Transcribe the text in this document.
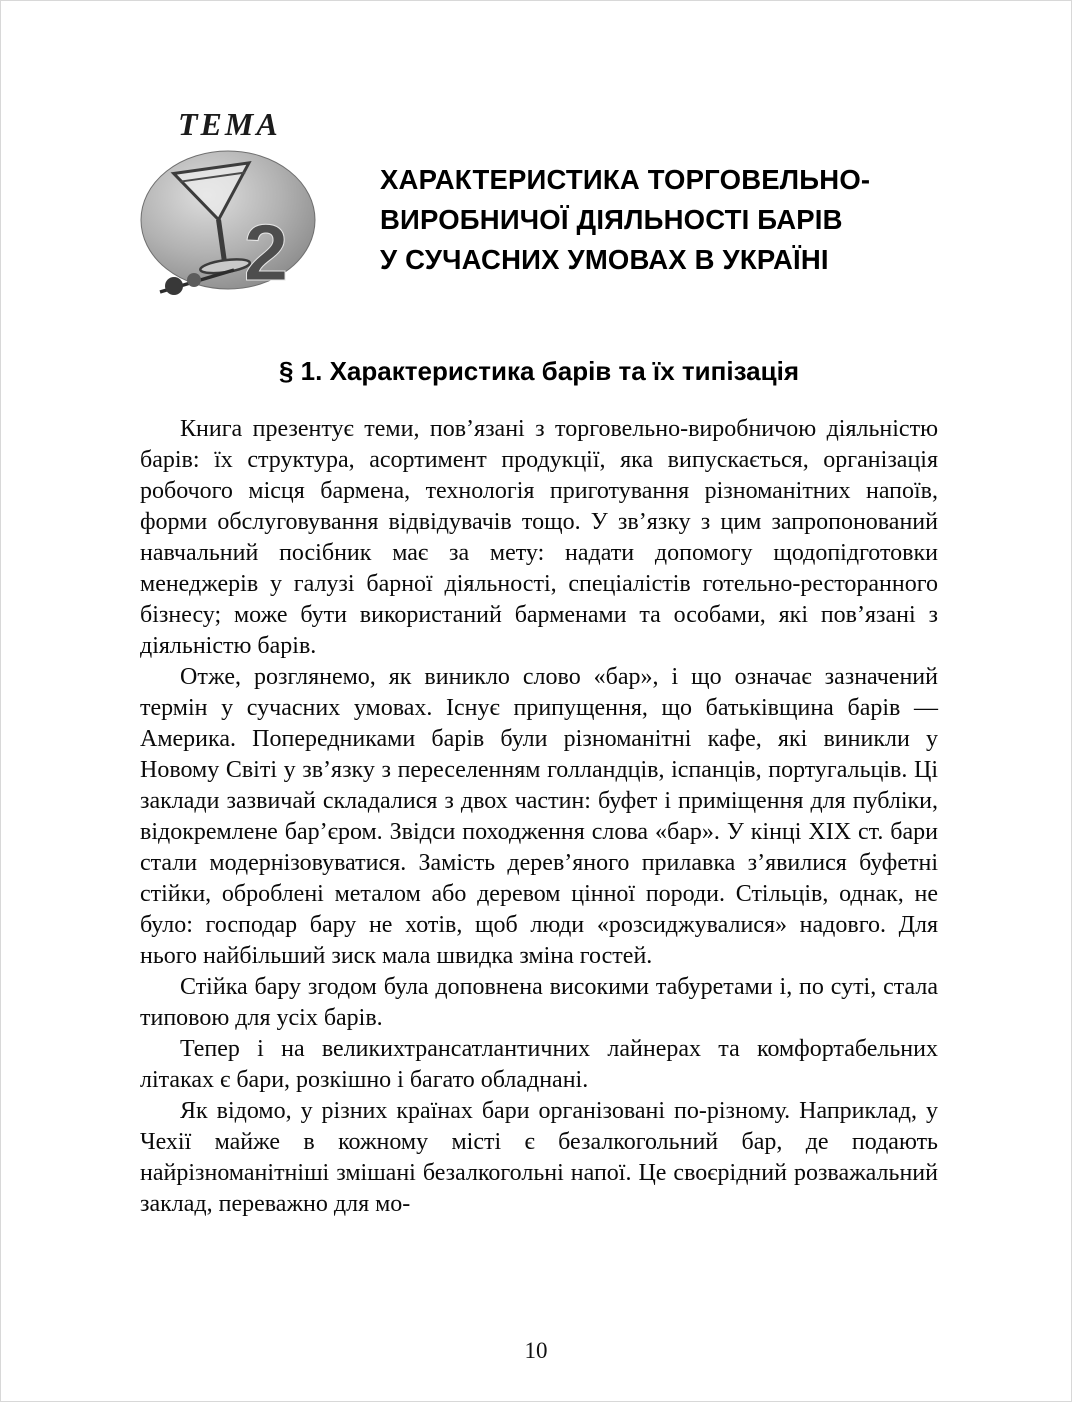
ТЕМА
2
ХАРАКТЕРИСТИКА ТОРГОВЕЛЬНО-
ВИРОБНИЧОЇ ДІЯЛЬНОСТІ БАРІВ
У СУЧАСНИХ УМОВАХ В УКРАЇНІ
§ 1. Характеристика барів та їх типізація

Книга презентує теми, пов’язані з торговельно-виробничою діяльністю барів: їх структура, асортимент продукції, яка випускається, організація робочого місця бармена, технологія приготування різноманітних напоїв, форми обслуговування відвідувачів тощо. У зв’язку з цим запропонований навчальний посібник має за мету: надати допомогу щодопідготовки менеджерів у галузі барної діяльності, спеціалістів готельно-ресторанного бізнесу; може бути використаний барменами та особами, які пов’язані з діяльністю барів.

Отже, розглянемо, як виникло слово «бар», і що означає зазначений термін у сучасних умовах. Існує припущення, що батьківщина барів — Америка. Попередниками барів були різноманітні кафе, які виникли у Новому Світі у зв’язку з переселенням голландців, іспанців, португальців. Ці заклади зазвичай складалися з двох частин: буфет і приміщення для публіки, відокремлене бар’єром. Звідси походження слова «бар». У кінці XIX ст. бари стали модернізовуватися. Замість дерев’яного прилавка з’явилися буфетні стійки, оброблені металом або деревом цінної породи. Стільців, однак, не було: господар бару не хотів, щоб люди «розсиджувалися» надовго. Для нього найбільший зиск мала швидка зміна гостей.

Стійка бару згодом була доповнена високими табуретами і, по суті, стала типовою для усіх барів.

Тепер і на великихтрансатлантичних лайнерах та комфортабельних літаках є бари, розкішно і багато обладнані.

Як відомо, у різних країнах бари організовані по-різному. Наприклад, у Чехії майже в кожному місті є безалкогольний бар, де подають найрізноманітніші змішані безалкогольні напої. Це своєрідний розважальний заклад, переважно для мо-

10
